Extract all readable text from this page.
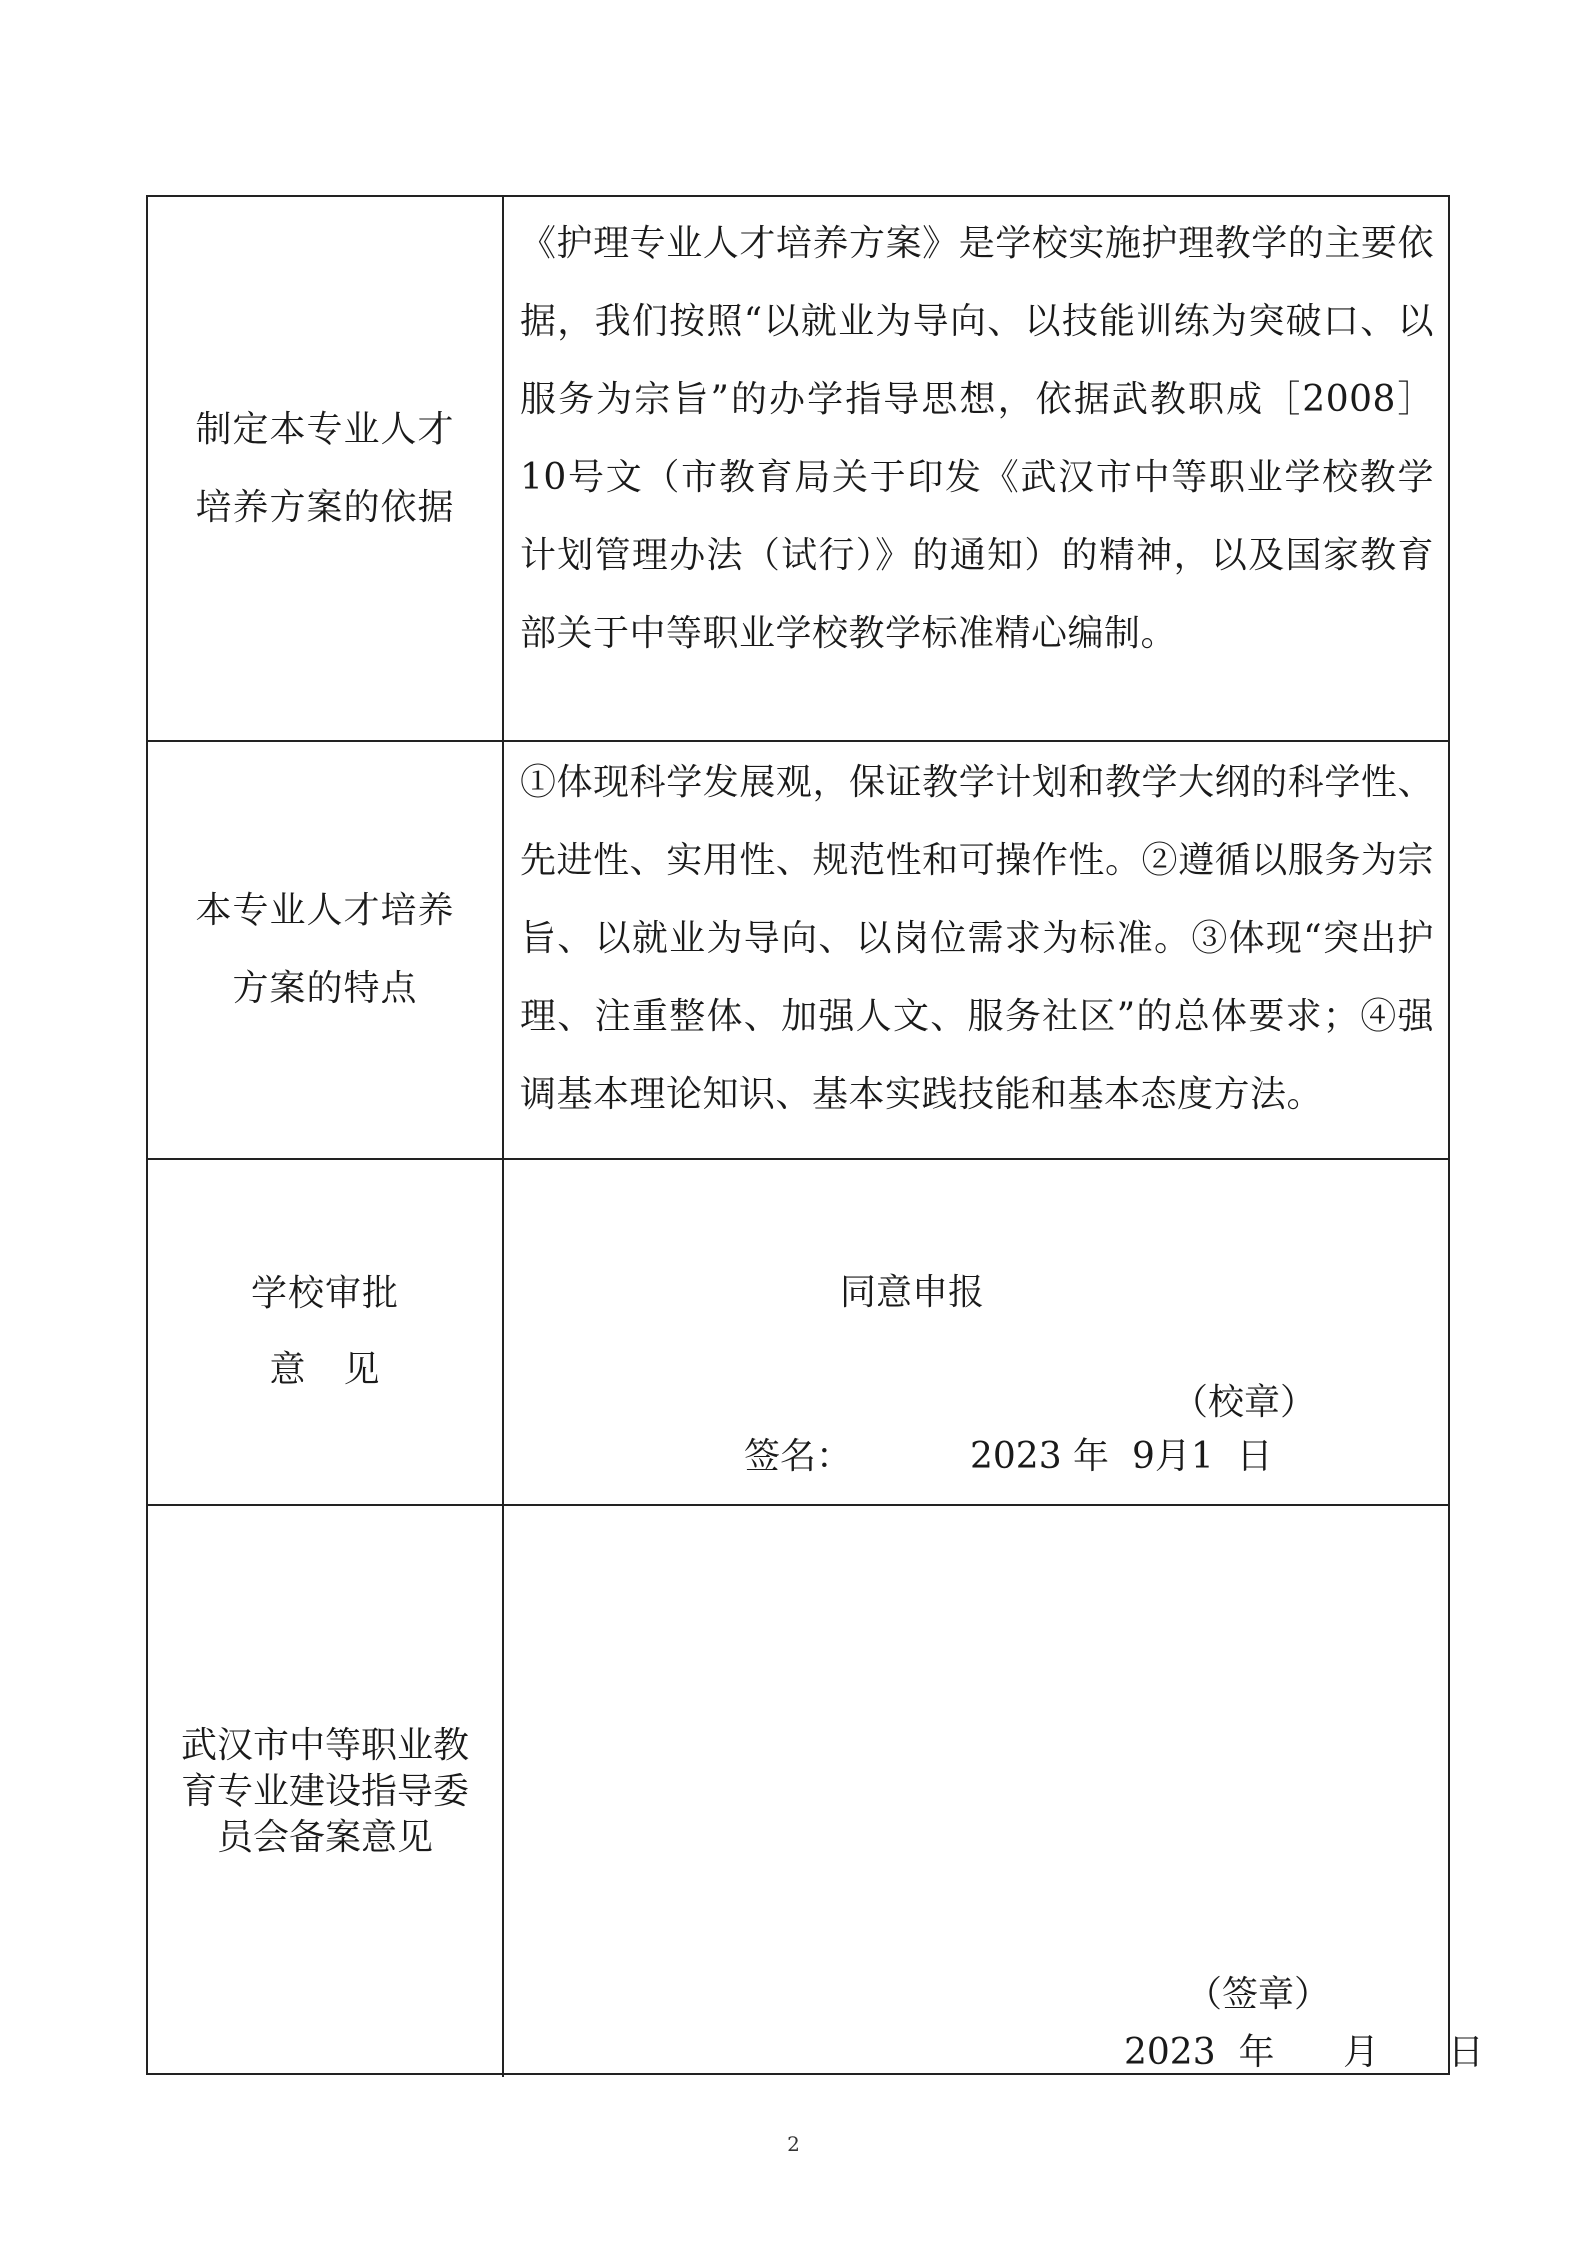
制定本专业人才
培养方案的依据
《护理专业人才培养方案》是学校实施护理教学的主要依据，我们按照“以就业为导向、以技能训练为突破口、以服务为宗旨”的办学指导思想，依据武教职成［2008］10号文（市教育局关于印发《武汉市中等职业学校教学计划管理办法（试行）》的通知）的精神，以及国家教育部关于中等职业学校教学标准精心编制。
本专业人才培养
方案的特点
①体现科学发展观，保证教学计划和教学大纲的科学性、先进性、实用性、规范性和可操作性。②遵循以服务为宗旨、以就业为导向、以岗位需求为标准。③体现“突出护理、注重整体、加强人文、服务社区”的总体要求；④强调基本理论知识、基本实践技能和基本态度方法。
学校审批
意　见
同意申报
（校章）
签名：	2023 年  9月1  日
武汉市中等职业教
育专业建设指导委
员会备案意见
（签章）
2023  年      月      日
2
